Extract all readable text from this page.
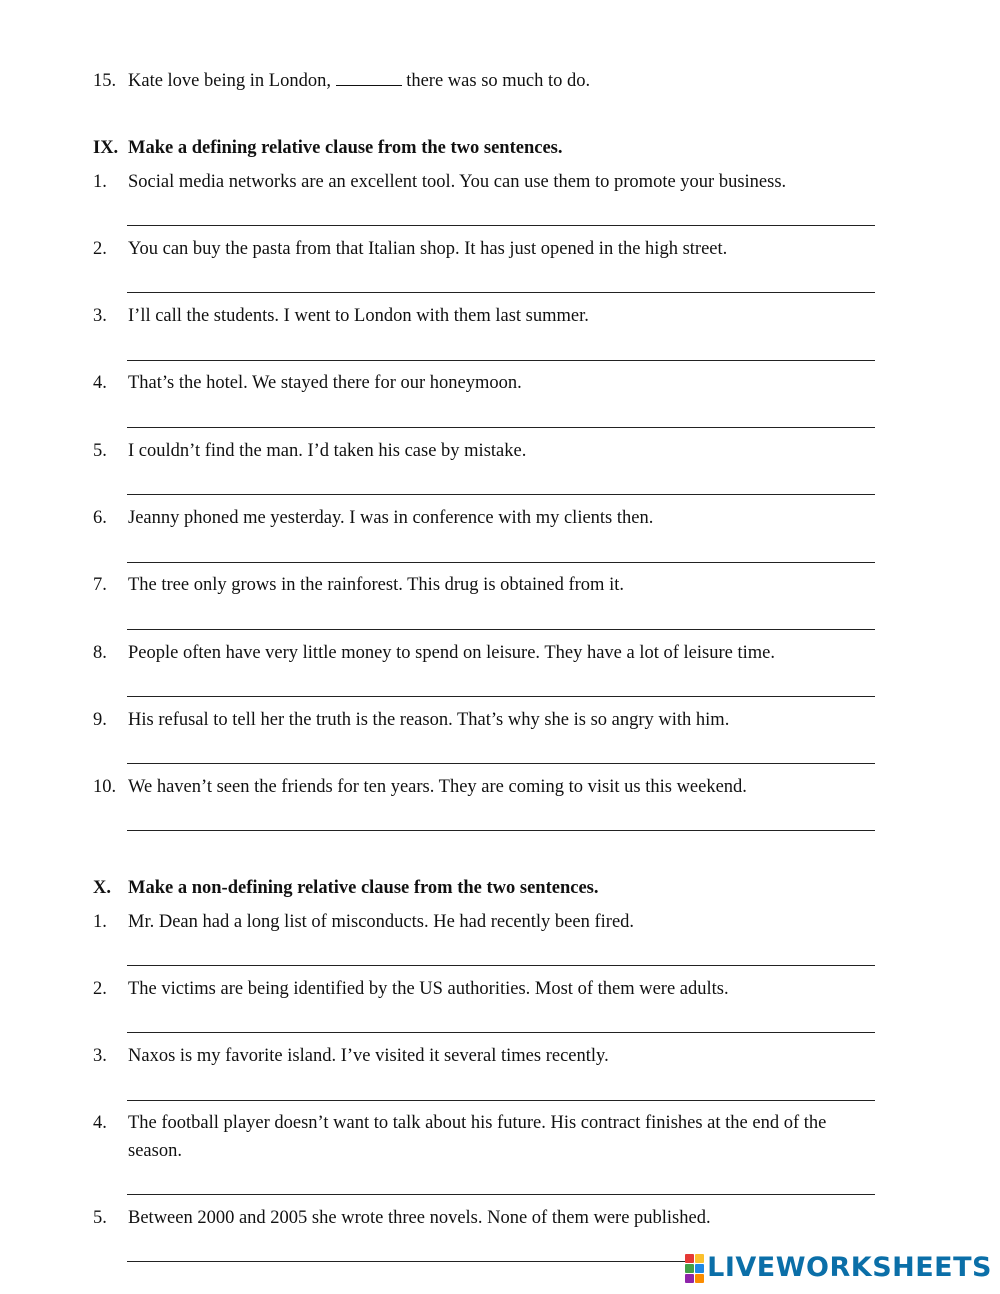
15. Kate love being in London,	there was so much to do.
IX. Make a defining relative clause from the two sentences.
1. Social media networks are an excellent tool. You can use them to promote your business.
2. You can buy the pasta from that Italian shop. It has just opened in the high street.
3. I’ll call the students. I went to London with them last summer.
4. That’s the hotel. We stayed there for our honeymoon.
5. I couldn’t find the man. I’d taken his case by mistake.
6. Jeanny phoned me yesterday. I was in conference with my clients then.
7. The tree only grows in the rainforest. This drug is obtained from it.
8. People often have very little money to spend on leisure. They have a lot of leisure time.
9. His refusal to tell her the truth is the reason. That’s why she is so angry with him.
10. We haven’t seen the friends for ten years. They are coming to visit us this weekend.
X. Make a non-defining relative clause from the two sentences.
1. Mr. Dean had a long list of misconducts. He had recently been fired.
2. The victims are being identified by the US authorities. Most of them were adults.
3. Naxos is my favorite island. I’ve visited it several times recently.
4. The football player doesn’t want to talk about his future. His contract finishes at the end of the
season.
5. Between 2000 and 2005 she wrote three novels. None of them were published.
LIVEWORKSHEETS
